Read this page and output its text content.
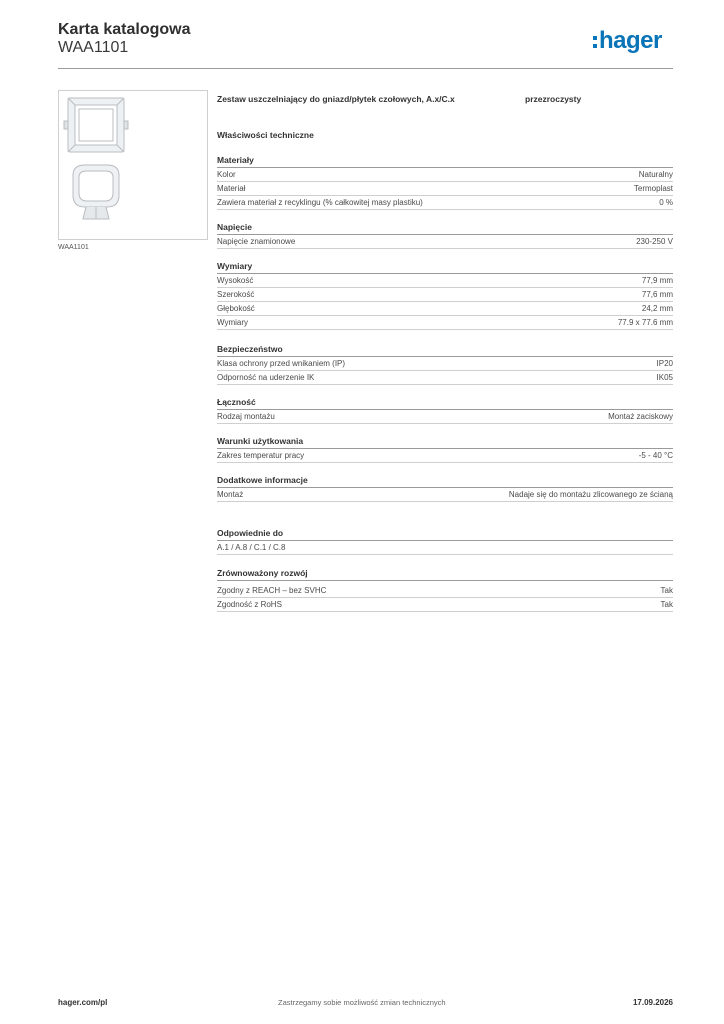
Karta katalogowa
WAA1101	hager
WAA1101
Zestaw uszczelniający do gniazd/płytek czołowych, A.x/C.x	przezroczysty
Właściwości techniczne
Materiały
Kolor	Naturalny
Materiał	Termoplast
Zawiera materiał z recyklingu (% całkowitej masy plastiku)	0 %
Napięcie
Napięcie znamionowe	230-250 V
Wymiary
Wysokość	77,9 mm
Szerokość	77,6 mm
Głębokość	24,2 mm
Wymiary	77.9 x 77.6 mm
Bezpieczeństwo
Klasa ochrony przed wnikaniem (IP)	IP20
Odporność na uderzenie IK	IK05
Łączność
Rodzaj montażu	Montaż zaciskowy
Warunki użytkowania
Zakres temperatur pracy	-5 - 40 °C
Dodatkowe informacje
Montaż	Nadaje się do montażu zlicowanego ze ścianą
Odpowiednie do
A.1 / A.8 / C.1 / C.8
Zrównoważony rozwój
Zgodny z REACH – bez SVHC	Tak
Zgodność z RoHS	Tak
hager.com/pl	Zastrzegamy sobie możliwość zmian technicznych	17.09.2026
